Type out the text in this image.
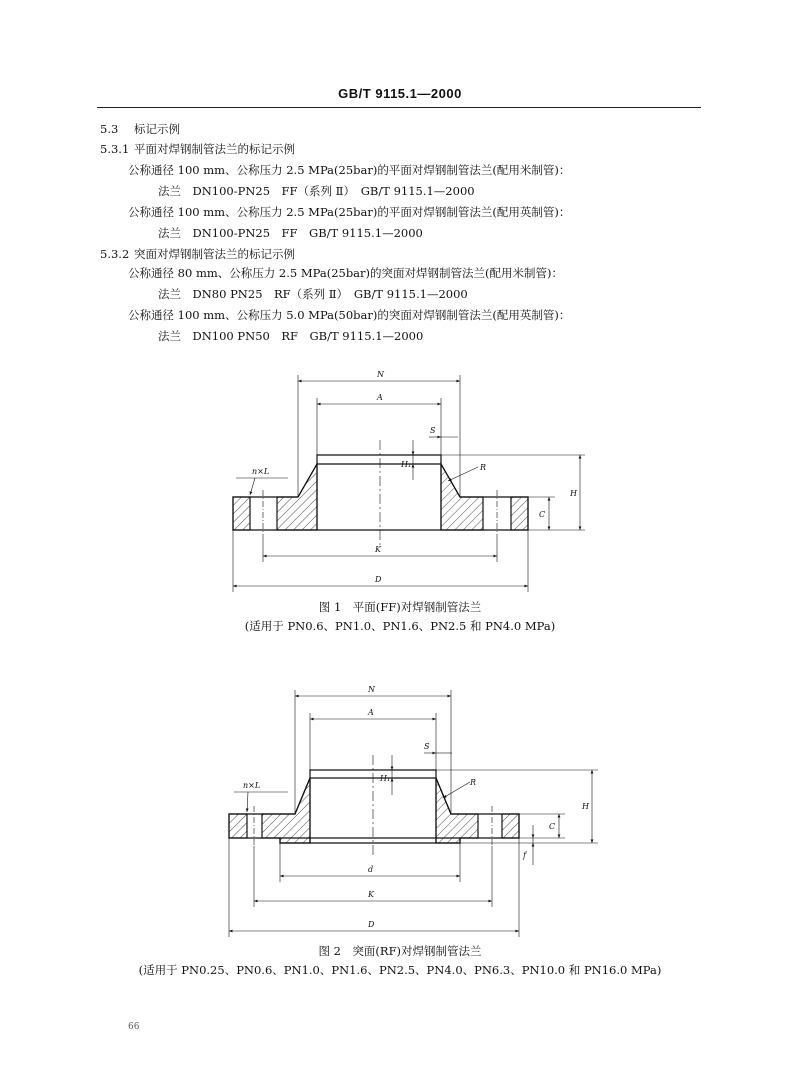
GB/T 9115.1—2000
5.3 标记示例
5.3.1 平面对焊钢制管法兰的标记示例
公称通径 100 mm、公称压力 2.5 MPa(25bar)的平面对焊钢制管法兰(配用米制管)：
法兰　DN100-PN25　FF（系列 Ⅱ）　GB/T 9115.1—2000
公称通径 100 mm、公称压力 2.5 MPa(25bar)的平面对焊钢制管法兰(配用英制管)：
法兰　DN100-PN25　FF　GB/T 9115.1—2000
5.3.2 突面对焊钢制管法兰的标记示例
公称通径 80 mm、公称压力 2.5 MPa(25bar)的突面对焊钢制管法兰(配用米制管)：
法兰　DN80 PN25　RF（系列 Ⅱ）　GB/T 9115.1—2000
公称通径 100 mm、公称压力 5.0 MPa(50bar)的突面对焊钢制管法兰(配用英制管)：
法兰　DN100 PN50　RF　GB/T 9115.1—2000
N
A
S
H₁	R
H
C
n×L
K
D
图 1　平面(FF)对焊钢制管法兰
(适用于 PN0.6、PN1.0、PN1.6、PN2.5 和 PN4.0 MPa)
N
A
S
H₁	R
H
C
f
n×L
d
K
D
图 2　突面(RF)对焊钢制管法兰
(适用于 PN0.25、PN0.6、PN1.0、PN1.6、PN2.5、PN4.0、PN6.3、PN10.0 和 PN16.0 MPa)
66
